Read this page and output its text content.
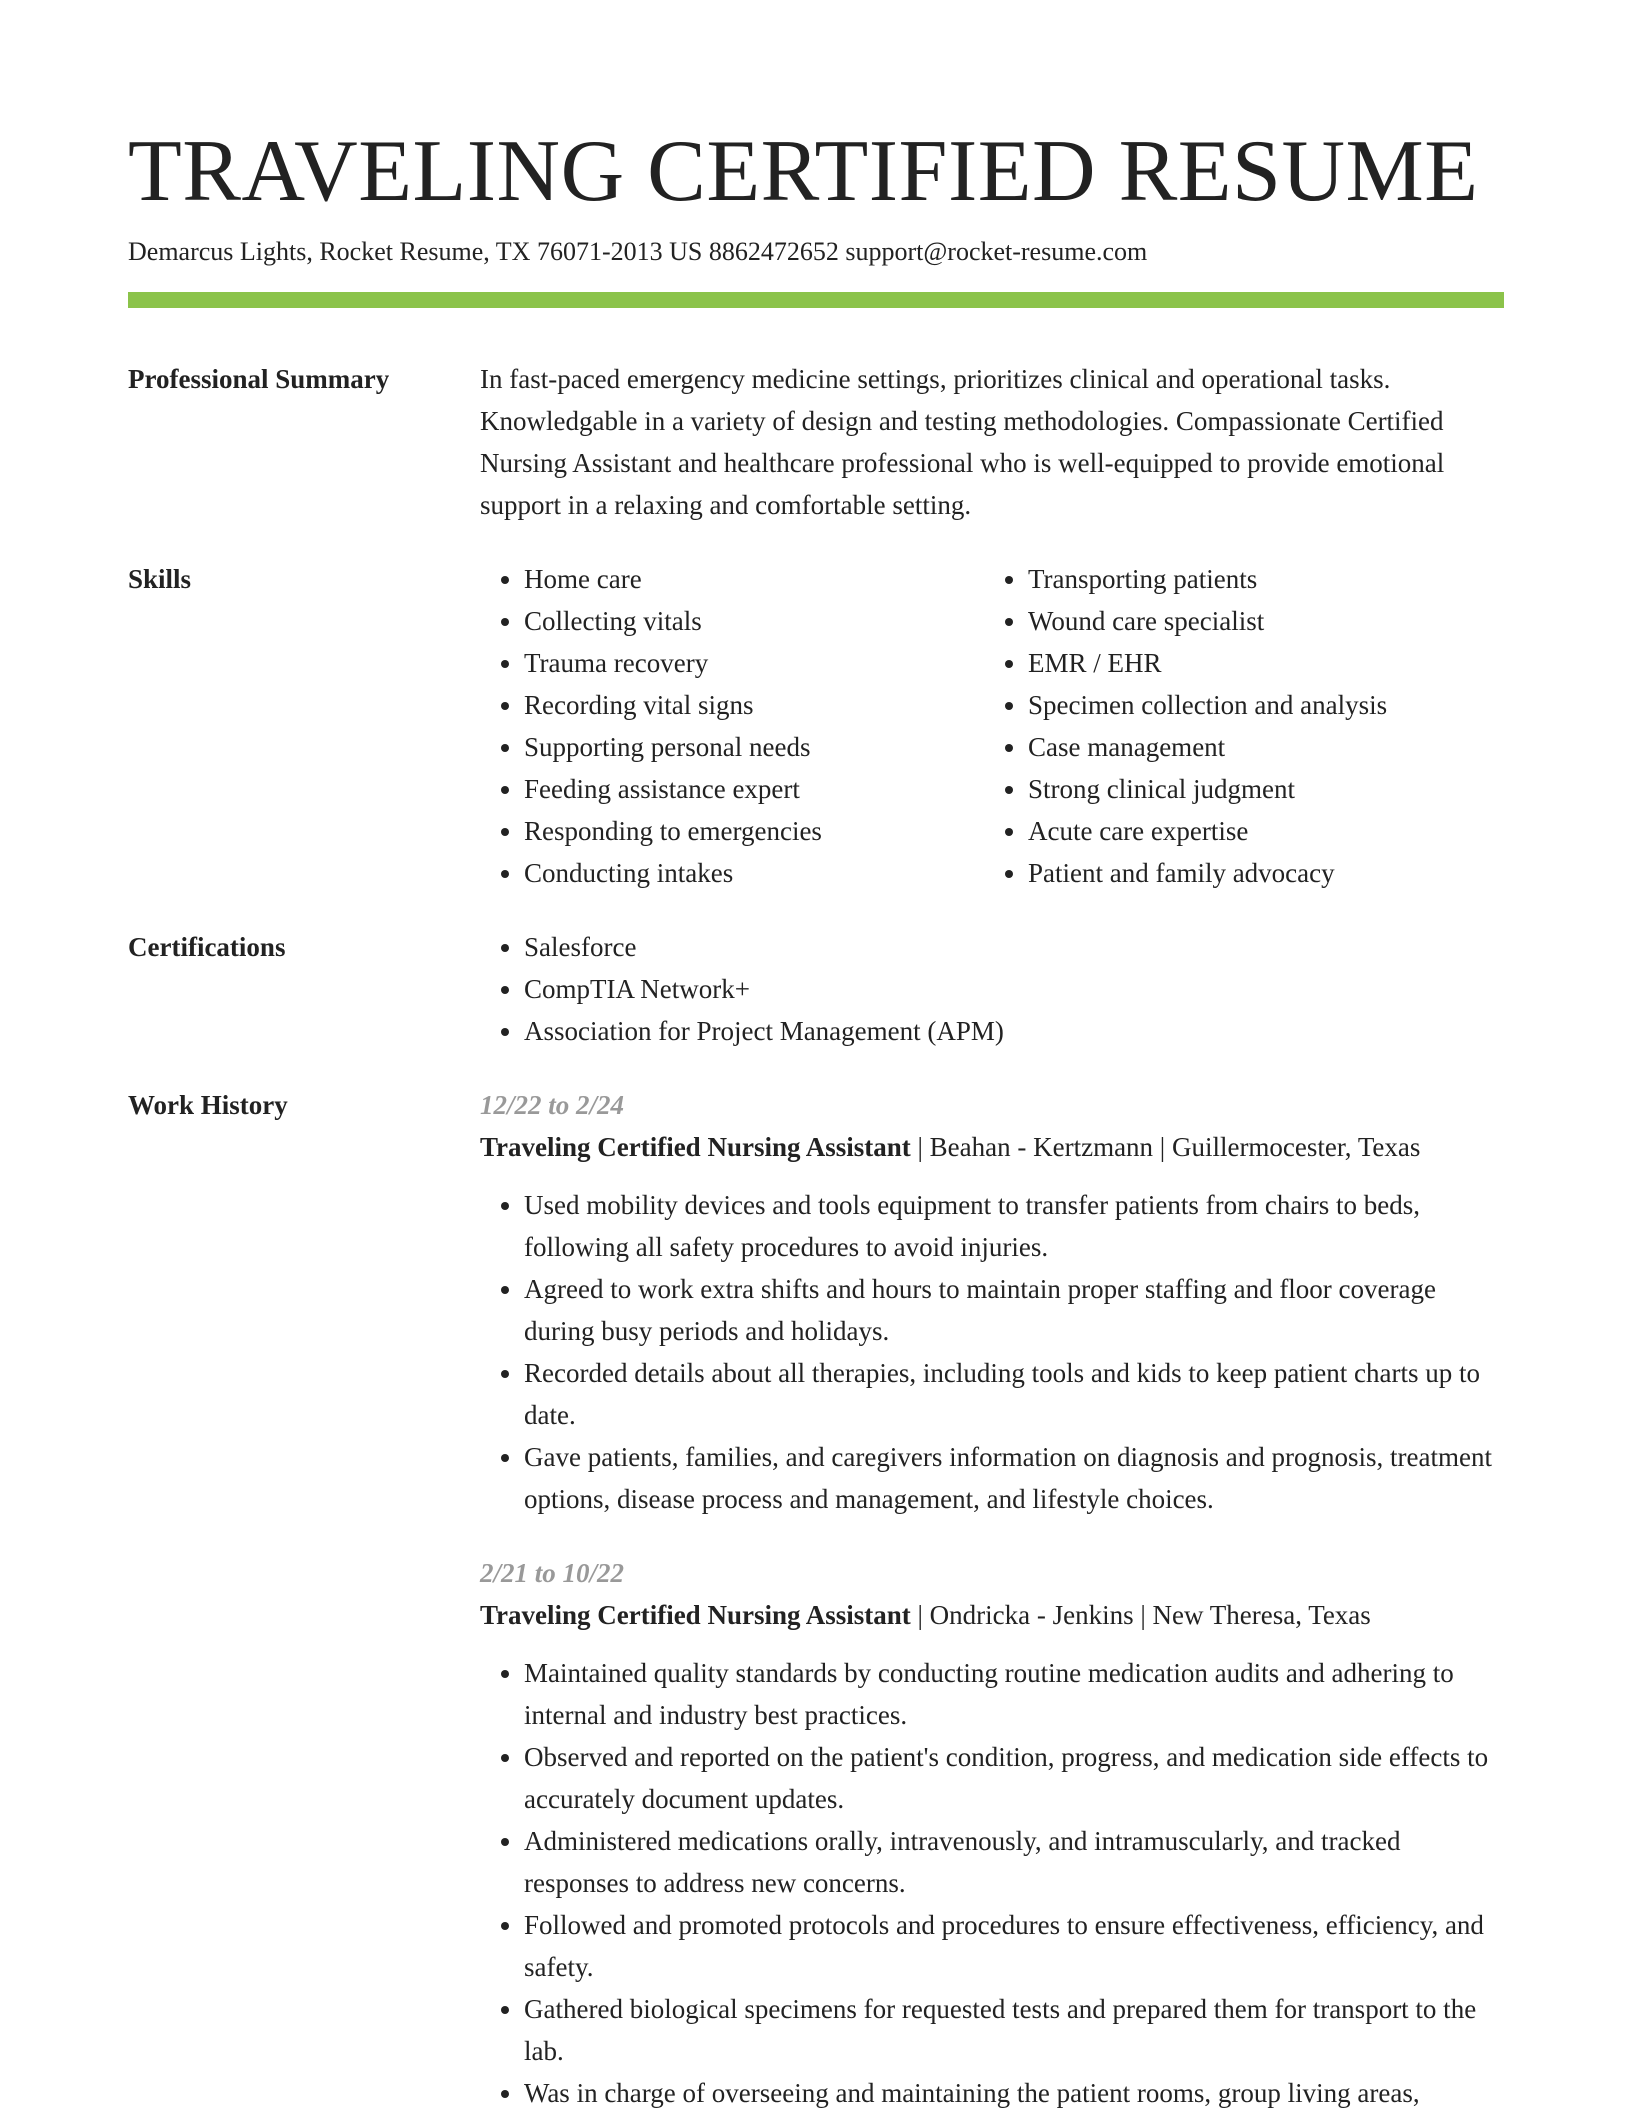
TRAVELING CERTIFIED RESUME
Demarcus Lights, Rocket Resume, TX 76071-2013 US 8862472652 support@rocket-resume.com
Professional Summary	In fast-paced emergency medicine settings, prioritizes clinical and operational tasks. Knowledgable in a variety of design and testing methodologies. Compassionate Certified Nursing Assistant and healthcare professional who is well-equipped to provide emotional support in a relaxing and comfortable setting.
Skills	• Home care
• Collecting vitals
• Trauma recovery
• Recording vital signs
• Supporting personal needs
• Feeding assistance expert
• Responding to emergencies
• Conducting intakes
• Transporting patients
• Wound care specialist
• EMR / EHR
• Specimen collection and analysis
• Case management
• Strong clinical judgment
• Acute care expertise
• Patient and family advocacy
Certifications	• Salesforce
• CompTIA Network+
• Association for Project Management (APM)
Work History	12/22 to 2/24
Traveling Certified Nursing Assistant | Beahan - Kertzmann | Guillermocester, Texas
• Used mobility devices and tools equipment to transfer patients from chairs to beds, following all safety procedures to avoid injuries.
• Agreed to work extra shifts and hours to maintain proper staffing and floor coverage during busy periods and holidays.
• Recorded details about all therapies, including tools and kids to keep patient charts up to date.
• Gave patients, families, and caregivers information on diagnosis and prognosis, treatment options, disease process and management, and lifestyle choices.
2/21 to 10/22
Traveling Certified Nursing Assistant | Ondricka - Jenkins | New Theresa, Texas
• Maintained quality standards by conducting routine medication audits and adhering to internal and industry best practices.
• Observed and reported on the patient's condition, progress, and medication side effects to accurately document updates.
• Administered medications orally, intravenously, and intramuscularly, and tracked responses to address new concerns.
• Followed and promoted protocols and procedures to ensure effectiveness, efficiency, and safety.
• Gathered biological specimens for requested tests and prepared them for transport to the lab.
• Was in charge of overseeing and maintaining the patient rooms, group living areas,
